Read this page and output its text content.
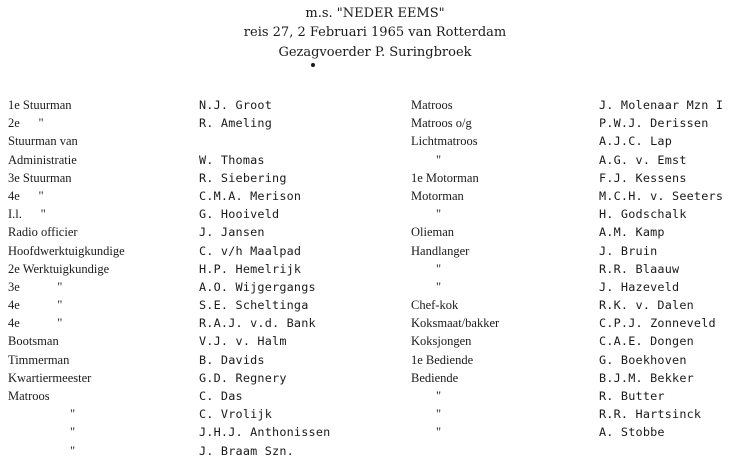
m.s. "NEDER EEMS"
reis 27, 2 Februari 1965 van Rotterdam
Gezagvoerder P. Suringbroek
1e Stuurman
2e      "
Stuurman van
Administratie
3e Stuurman
4e      "
I.l.      "
Radio officier
Hoofdwerktuigkundige
2e Werktuigkundige
3e            "
4e            "
4e            "
Bootsman
Timmerman
Kwartiermeester
Matroos
"
"
"
N.J. Groot
R. Ameling
W. Thomas
R. Siebering
C.M.A. Merison
G. Hooiveld
J. Jansen
C. v/h Maalpad
H.P. Hemelrijk
A.O. Wijgergangs
S.E. Scheltinga
R.A.J. v.d. Bank
V.J. v. Halm
B. Davids
G.D. Regnery
C. Das
C. Vrolijk
J.H.J. Anthonissen
J. Braam Szn.
Matroos
Matroos o/g
Lichtmatroos
"
1e Motorman
Motorman
"
Olieman
Handlanger
"
"
Chef-kok
Koksmaat/bakker
Koksjongen
1e Bediende
Bediende
"
"
"
J. Molenaar Mzn I
P.W.J. Derissen
A.J.C. Lap
A.G. v. Emst
F.J. Kessens
M.C.H. v. Seeters
H. Godschalk
A.M. Kamp
J. Bruin
R.R. Blaauw
J. Hazeveld
R.K. v. Dalen
C.P.J. Zonneveld
C.A.E. Dongen
G. Boekhoven
B.J.M. Bekker
R. Butter
R.R. Hartsinck
A. Stobbe
